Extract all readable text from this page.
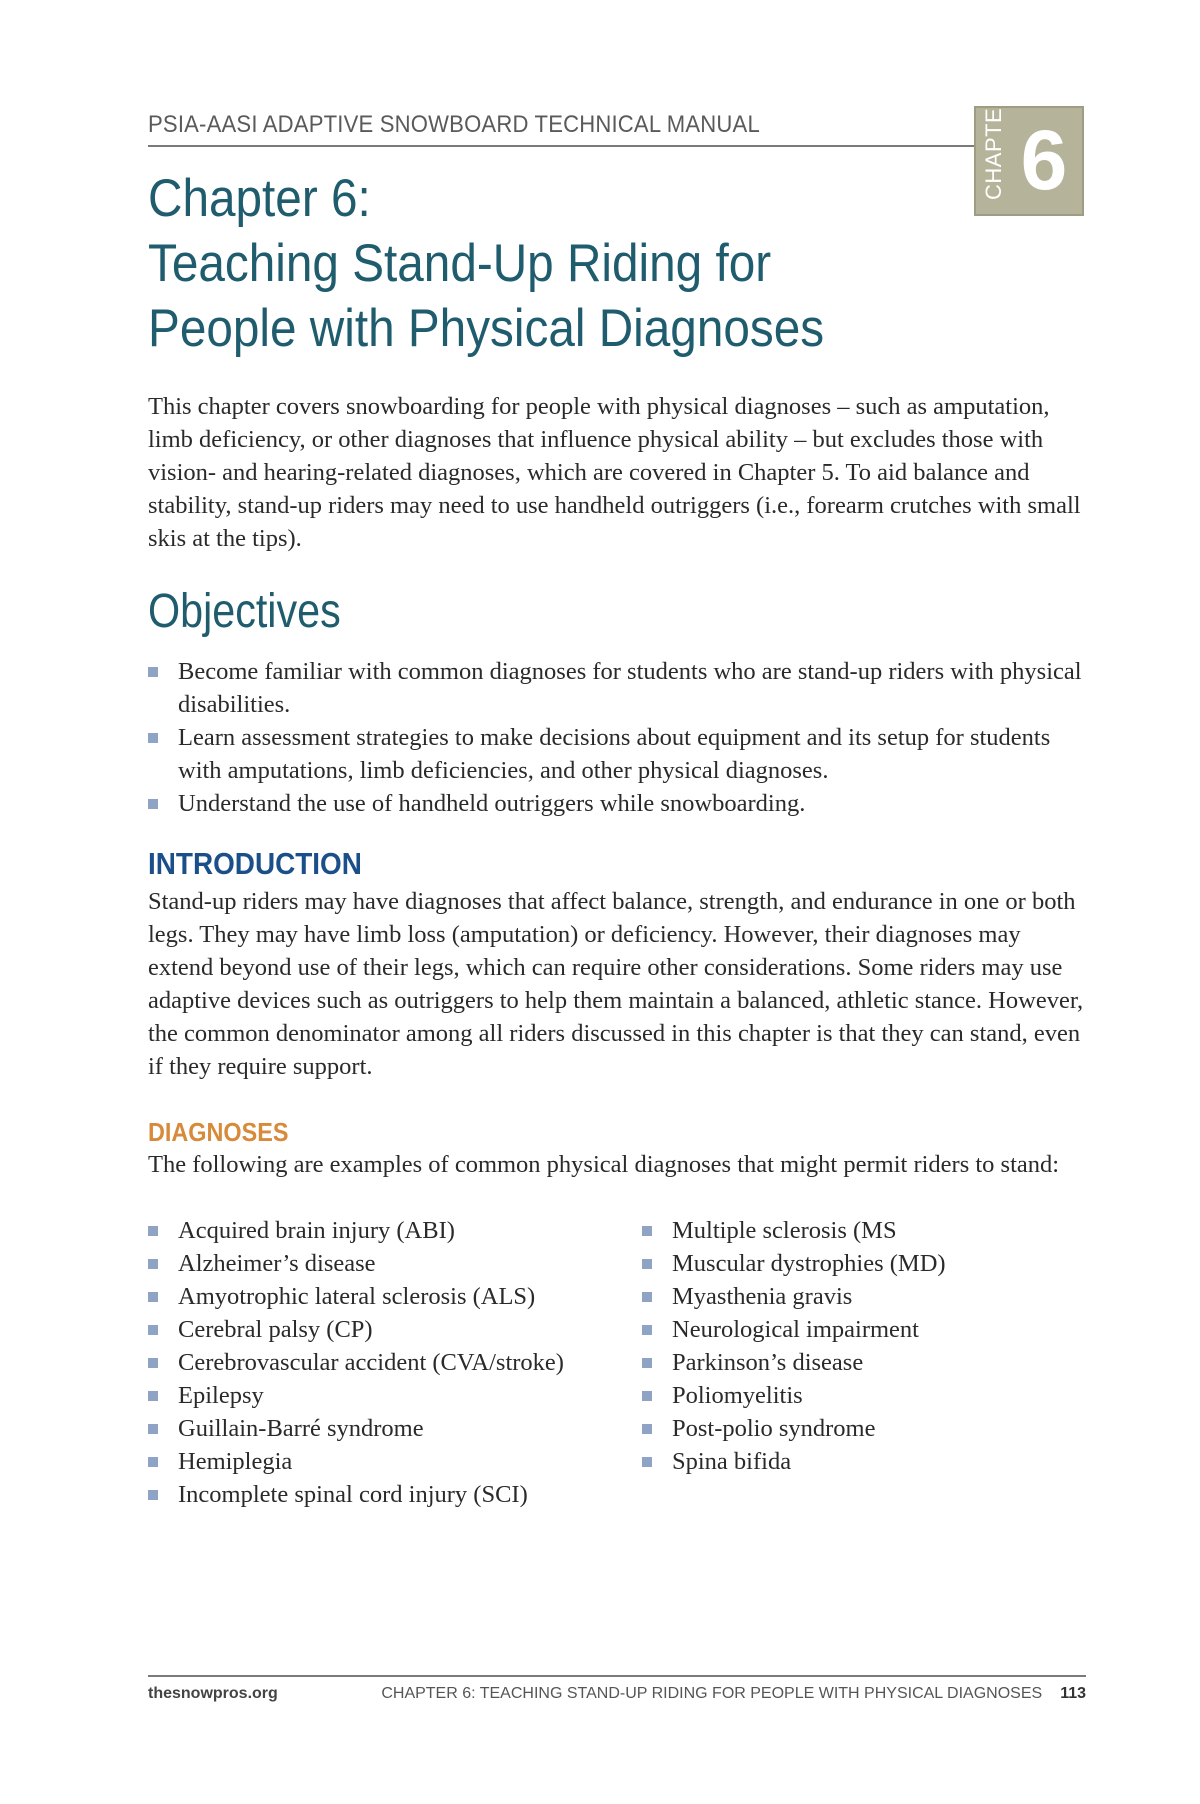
PSIA-AASI ADAPTIVE SNOWBOARD TECHNICAL MANUAL	CHAPTER 6
Chapter 6:
Teaching Stand-Up Riding for
People with Physical Diagnoses
This chapter covers snowboarding for people with physical diagnoses – such as amputation, limb deficiency, or other diagnoses that influence physical ability – but excludes those with vision- and hearing-related diagnoses, which are covered in Chapter 5. To aid balance and stability, stand-up riders may need to use handheld outriggers (i.e., forearm crutches with small skis at the tips).
Objectives
Become familiar with common diagnoses for students who are stand-up riders with physical disabilities.
Learn assessment strategies to make decisions about equipment and its setup for students with amputations, limb deficiencies, and other physical diagnoses.
Understand the use of handheld outriggers while snowboarding.
INTRODUCTION
Stand-up riders may have diagnoses that affect balance, strength, and endurance in one or both legs. They may have limb loss (amputation) or deficiency. However, their diagnoses may extend beyond use of their legs, which can require other considerations. Some riders may use adaptive devices such as outriggers to help them maintain a balanced, athletic stance. However, the common denominator among all riders discussed in this chapter is that they can stand, even if they require support.
DIAGNOSES
The following are examples of common physical diagnoses that might permit riders to stand:
Acquired brain injury (ABI)
Alzheimer’s disease
Amyotrophic lateral sclerosis (ALS)
Cerebral palsy (CP)
Cerebrovascular accident (CVA/stroke)
Epilepsy
Guillain-Barré syndrome
Hemiplegia
Incomplete spinal cord injury (SCI)
Multiple sclerosis (MS
Muscular dystrophies (MD)
Myasthenia gravis
Neurological impairment
Parkinson’s disease
Poliomyelitis
Post-polio syndrome
Spina bifida
thesnowpros.org	CHAPTER 6: TEACHING STAND-UP RIDING FOR PEOPLE WITH PHYSICAL DIAGNOSES 113
